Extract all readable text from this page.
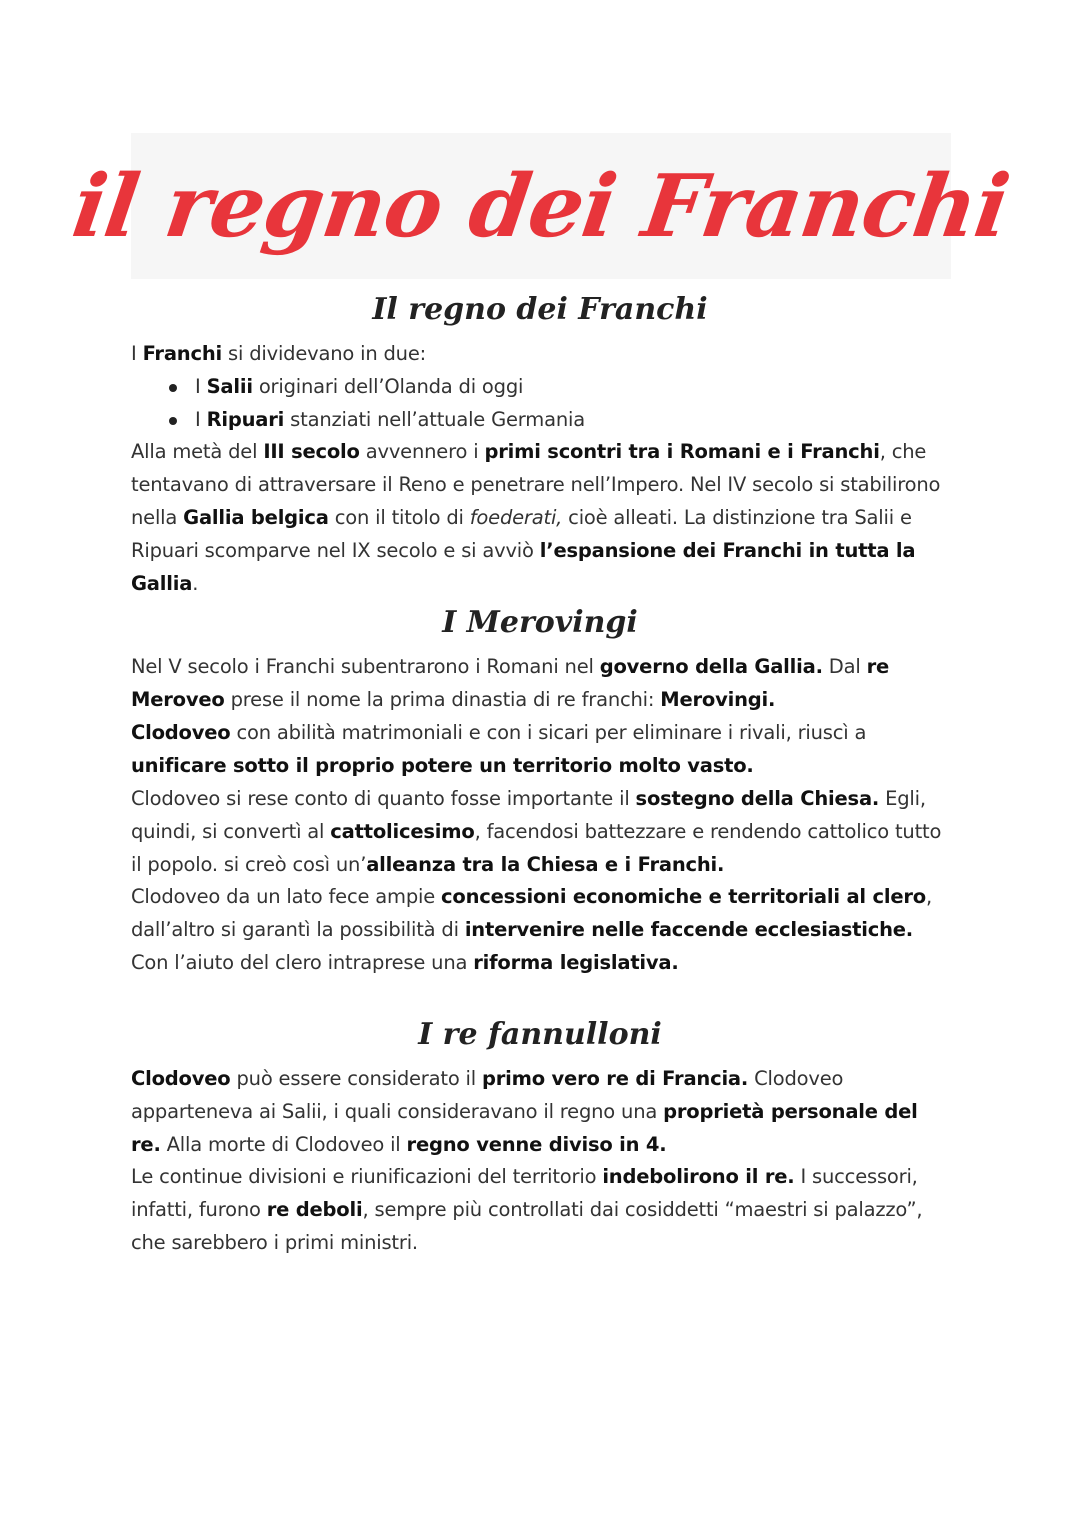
il regno dei Franchi
Il regno dei Franchi

I Franchi si dividevano in due:

I Salii originari dell’Olanda di oggi
I Ripuari stanziati nell’attuale Germania

Alla metà del III secolo avvennero i primi scontri tra i Romani e i Franchi, che tentavano di attraversare il Reno e penetrare nell’Impero. Nel IV secolo si stabilirono nella Gallia belgica con il titolo di foederati, cioè alleati. La distinzione tra Salii e Ripuari scomparve nel IX secolo e si avviò l’espansione dei Franchi in tutta la Gallia.

I Merovingi

Nel V secolo i Franchi subentrarono i Romani nel governo della Gallia. Dal re Meroveo prese il nome la prima dinastia di re franchi: Merovingi.

Clodoveo con abilità matrimoniali e con i sicari per eliminare i rivali, riuscì a unificare sotto il proprio potere un territorio molto vasto.

Clodoveo si rese conto di quanto fosse importante il sostegno della Chiesa. Egli, quindi, si convertì al cattolicesimo, facendosi battezzare e rendendo cattolico tutto il popolo. si creò così un’alleanza tra la Chiesa e i Franchi.

Clodoveo da un lato fece ampie concessioni economiche e territoriali al clero, dall’altro si garantì la possibilità di intervenire nelle faccende ecclesiastiche. Con l’aiuto del clero intraprese una riforma legislativa.

I re fannulloni

Clodoveo può essere considerato il primo vero re di Francia. Clodoveo apparteneva ai Salii, i quali consideravano il regno una proprietà personale del re. Alla morte di Clodoveo il regno venne diviso in 4.

Le continue divisioni e riunificazioni del territorio indebolirono il re. I successori, infatti, furono re deboli, sempre più controllati dai cosiddetti “maestri si palazzo”, che sarebbero i primi ministri.
